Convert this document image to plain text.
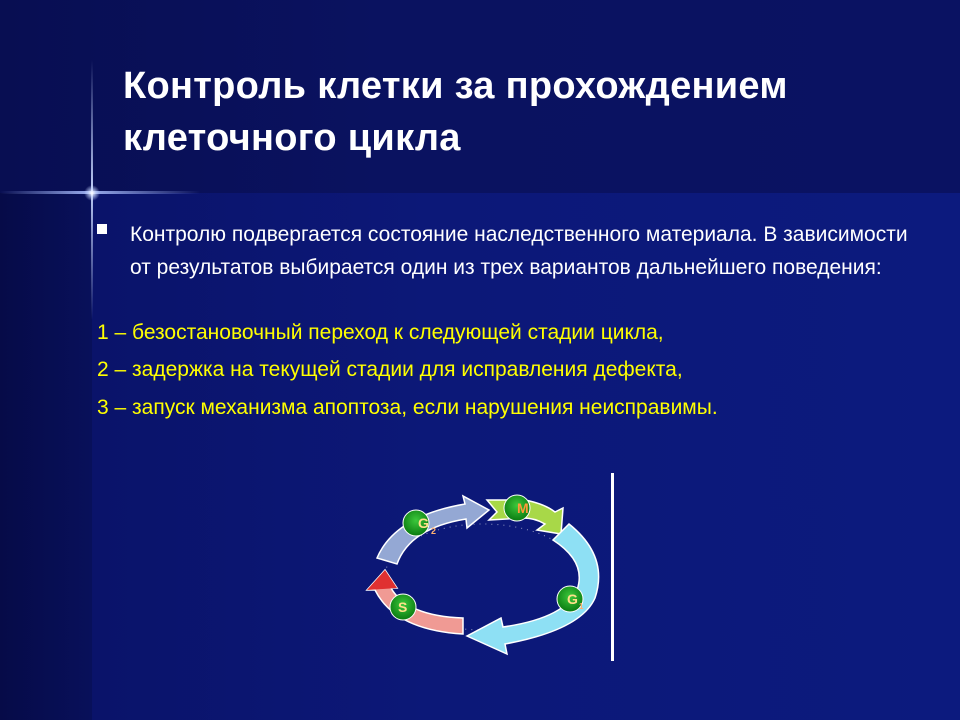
Контроль клетки за прохождением клеточного цикла
Контролю подвергается состояние наследственного материала. В зависимости от результатов выбирается один из трех вариантов дальнейшего поведения:
1 – безостановочный переход к следующей стадии цикла,
2 – задержка на текущей стадии для исправления дефекта,
3 – запуск механизма апоптоза, если нарушения неисправимы.
G 2
M
S	G 1
